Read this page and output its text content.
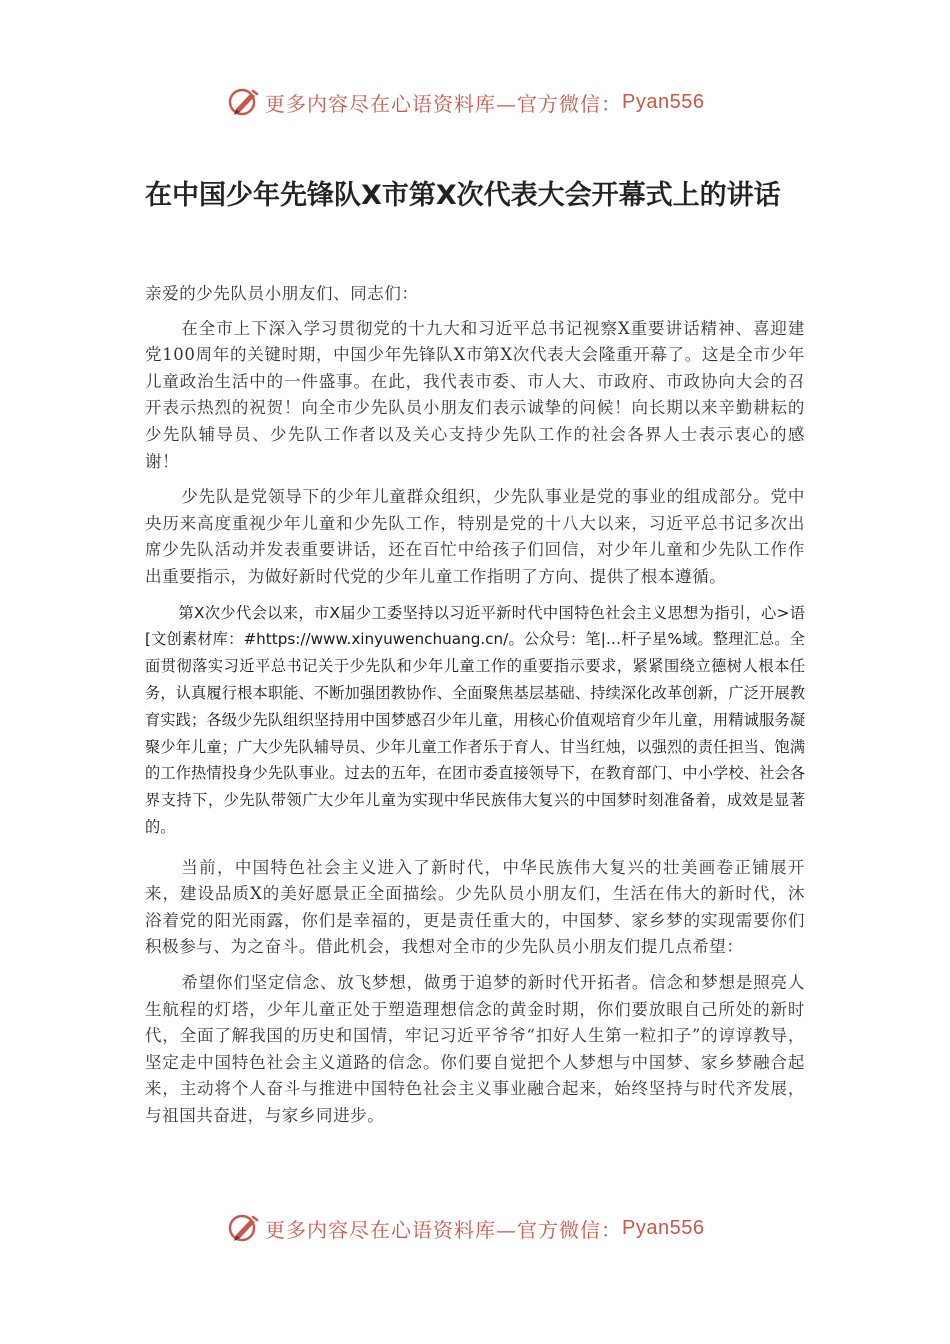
更多内容尽在心语资料库—官方微信： Pyan556
在中国少年先锋队X市第X次代表大会开幕式上的讲话

亲爱的少先队员小朋友们、同志们：

在全市上下深入学习贯彻党的十九大和习近平总书记视察X重要讲话精神、喜迎建党100周年的关键时期，中国少年先锋队X市第X次代表大会隆重开幕了。这是全市少年儿童政治生活中的一件盛事。在此，我代表市委、市人大、市政府、市政协向大会的召开表示热烈的祝贺！向全市少先队员小朋友们表示诚挚的问候！向长期以来辛勤耕耘的少先队辅导员、少先队工作者以及关心支持少先队工作的社会各界人士表示衷心的感谢！

少先队是党领导下的少年儿童群众组织，少先队事业是党的事业的组成部分。党中央历来高度重视少年儿童和少先队工作，特别是党的十八大以来，习近平总书记多次出席少先队活动并发表重要讲话，还在百忙中给孩子们回信，对少年儿童和少先队工作作出重要指示，为做好新时代党的少年儿童工作指明了方向、提供了根本遵循。

第X次少代会以来，市X届少工委坚持以习近平新时代中国特色社会主义思想为指引，心>语[文创素材库：#https://www.xinyuwenchuang.cn/。公众号：笔|…杆子星%域。整理汇总。全面贯彻落实习近平总书记关于少先队和少年儿童工作的重要指示要求，紧紧围绕立德树人根本任务，认真履行根本职能、不断加强团教协作、全面聚焦基层基础、持续深化改革创新，广泛开展教育实践；各级少先队组织坚持用中国梦感召少年儿童，用核心价值观培育少年儿童，用精诚服务凝聚少年儿童；广大少先队辅导员、少年儿童工作者乐于育人、甘当红烛，以强烈的责任担当、饱满的工作热情投身少先队事业。过去的五年，在团市委直接领导下，在教育部门、中小学校、社会各界支持下，少先队带领广大少年儿童为实现中华民族伟大复兴的中国梦时刻准备着，成效是显著的。

当前，中国特色社会主义进入了新时代，中华民族伟大复兴的壮美画卷正铺展开来，建设品质X的美好愿景正全面描绘。少先队员小朋友们，生活在伟大的新时代，沐浴着党的阳光雨露，你们是幸福的，更是责任重大的，中国梦、家乡梦的实现需要你们积极参与、为之奋斗。借此机会，我想对全市的少先队员小朋友们提几点希望：

希望你们坚定信念、放飞梦想，做勇于追梦的新时代开拓者。信念和梦想是照亮人生航程的灯塔，少年儿童正处于塑造理想信念的黄金时期，你们要放眼自己所处的新时代，全面了解我国的历史和国情，牢记习近平爷爷“扣好人生第一粒扣子”的谆谆教导，坚定走中国特色社会主义道路的信念。你们要自觉把个人梦想与中国梦、家乡梦融合起来，主动将个人奋斗与推进中国特色社会主义事业融合起来，始终坚持与时代齐发展，与祖国共奋进，与家乡同进步。

更多内容尽在心语资料库—官方微信： Pyan556
